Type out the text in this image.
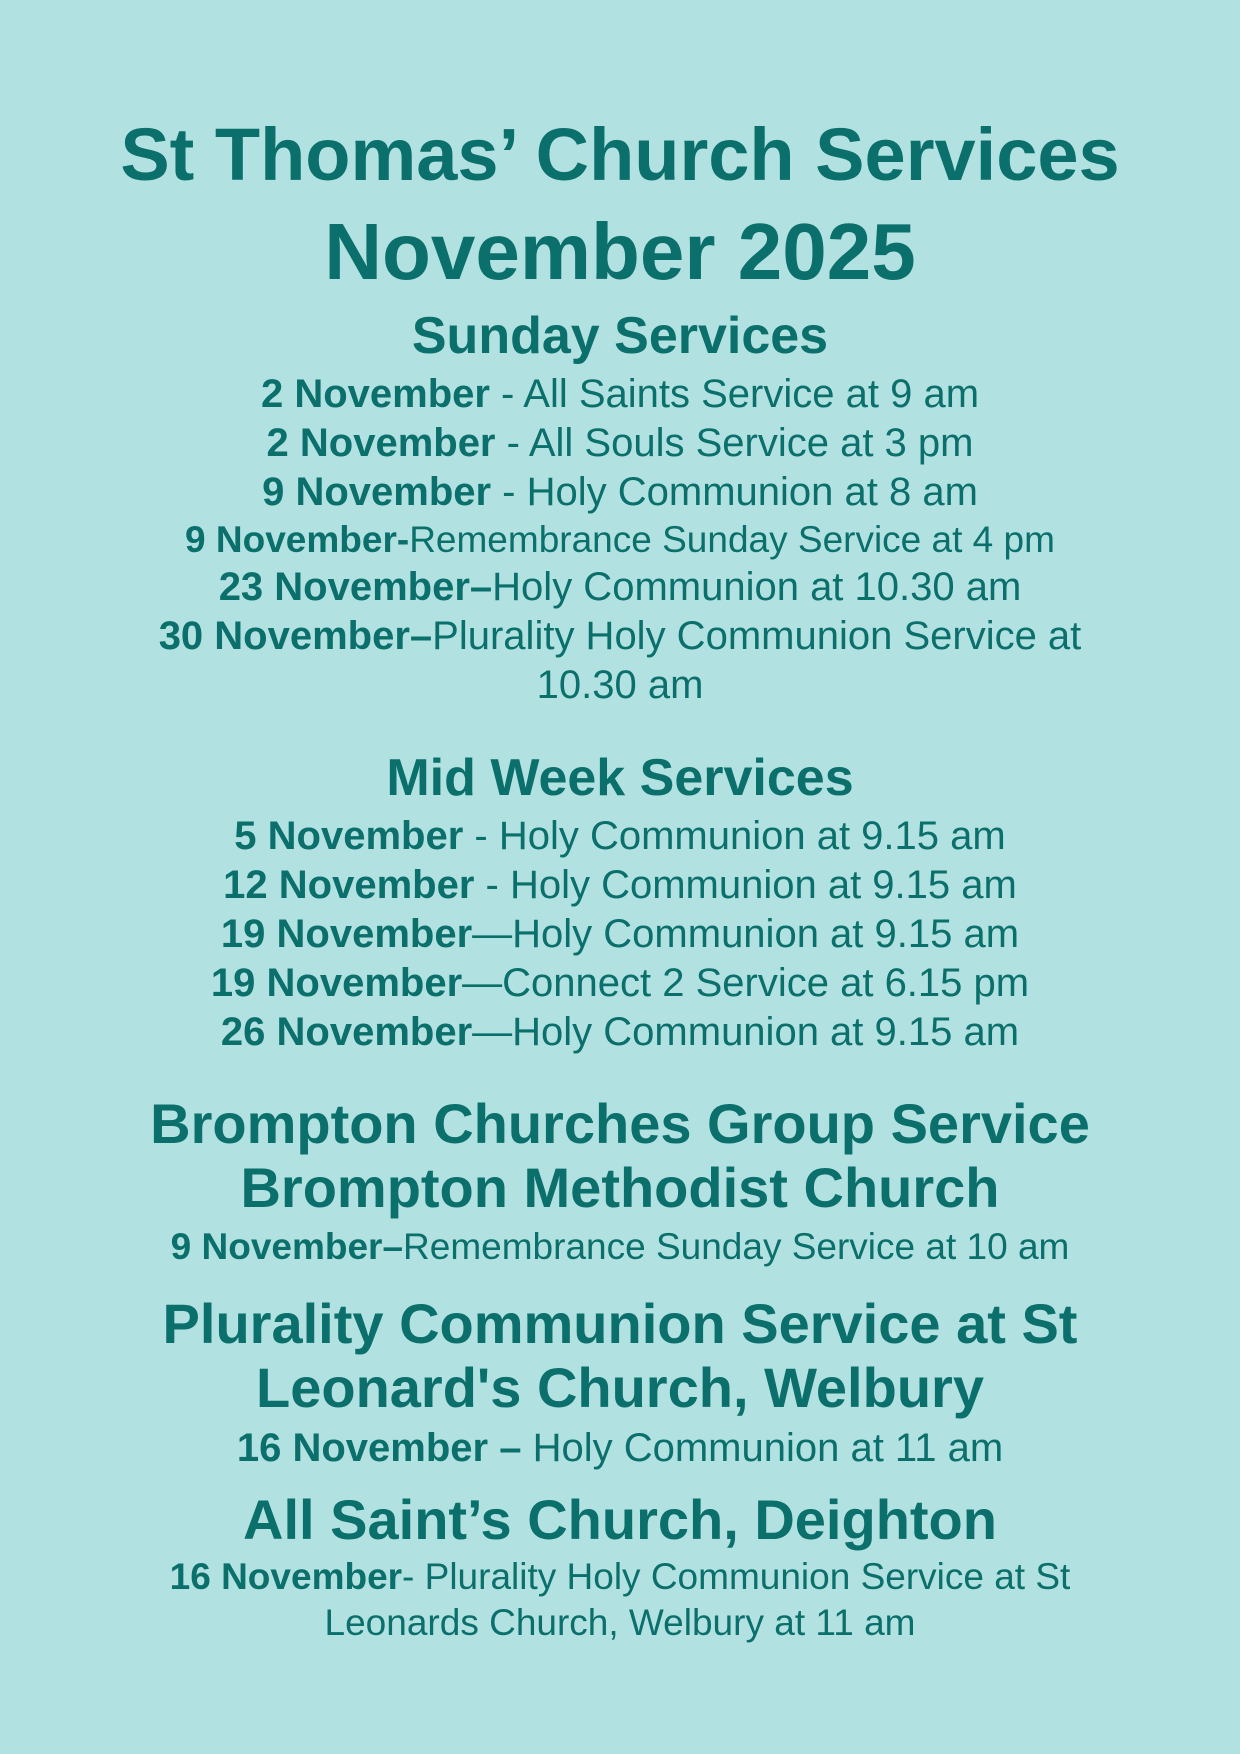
St Thomas’ Church Services
November 2025
Sunday Services
2 November - All Saints Service at 9 am
2 November - All Souls Service at 3 pm
9 November - Holy Communion at 8 am
9 November-Remembrance Sunday Service at 4 pm
23 November–Holy Communion at 10.30 am
30 November–Plurality Holy Communion Service at 10.30 am
Mid Week Services
5 November - Holy Communion at 9.15 am
12 November - Holy Communion at 9.15 am
19 November—Holy Communion at 9.15 am
19 November—Connect 2 Service at 6.15 pm
26 November—Holy Communion at 9.15 am
Brompton Churches Group Service
Brompton Methodist Church
9 November–Remembrance Sunday Service at 10 am
Plurality Communion Service at St
Leonard's Church, Welbury
16 November – Holy Communion at 11 am
All Saint’s Church, Deighton
16 November- Plurality Holy Communion Service at St Leonards Church, Welbury at 11 am
